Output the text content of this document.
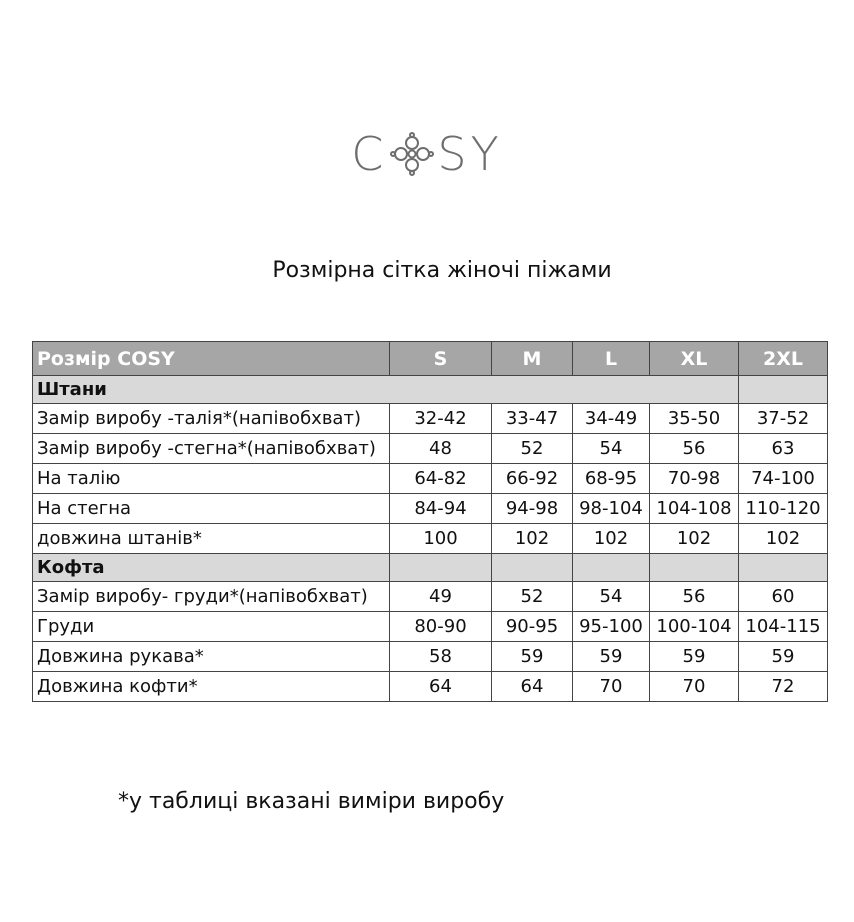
C SY
Розмірна сітка жіночі піжами
Розмір COSY	S	M	L	XL	2XL
Штани					
Замір виробу -талія*(напівобхват)	32-42	33-47	34-49	35-50	37-52
Замір виробу -стегна*(напівобхват)	48	52	54	56	63
На талію	64-82	66-92	68-95	70-98	74-100
На стегна	84-94	94-98	98-104	104-108	110-120
довжина штанів*	100	102	102	102	102
Кофта					
Замір виробу- груди*(напівобхват)	49	52	54	56	60
Груди	80-90	90-95	95-100	100-104	104-115
Довжина рукава*	58	59	59	59	59
Довжина кофти*	64	64	70	70	72
*у таблиці вказані виміри виробу
